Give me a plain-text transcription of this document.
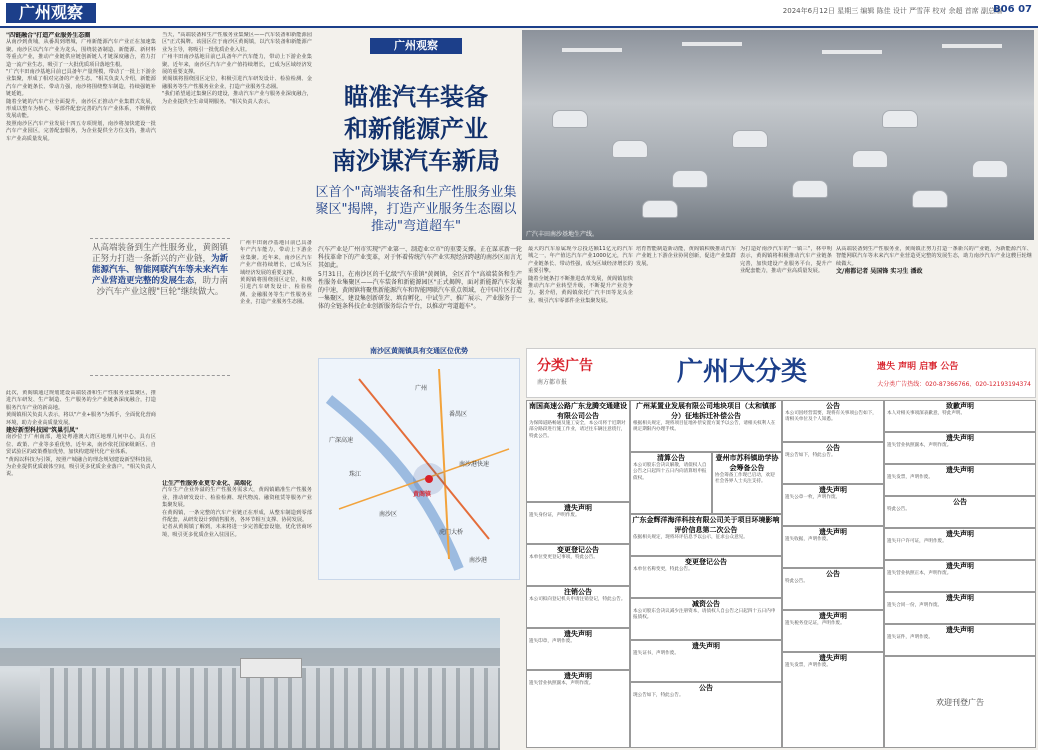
广州观察	2024年6月12日 星期三 编辑 陈佳 设计 严雪萍 校对 余超 首席 副总编
B06 07
"四链融合"打造产业服务生态圈
从南沙到黄埔，从番禺到增城，广州新能源汽车产业正在加速集聚。南沙区以汽车产业为龙头，围绕装备制造、新能源、新材料等重点产业，推动产业链供应链创新链人才链深度融合，着力打造一流产业生态，吸引了一大批优质项目落地生根。
"广汽丰田南沙基地目前已具备年产量规模，带动了一批上下游企业集聚，形成了相对完备的产业生态。"相关负责人介绍，新能源汽车产业链条长、带动力强，南沙将围绕整车制造，持续强链补链延链。
随着全链的汽车产业全面提升，南沙区正推动产业集群式发展，形成以整车为核心、零部件配套完善的汽车产业体系，不断释放发展动能。
按照南沙区汽车产业发展十四五专项规划，南沙将加快建设一批汽车产业园区，完善配套服务，为企业提供全方位支持，推动汽车产业高质量发展。
此次，黄阁镇通过规划建设高端装备和生产性服务业集聚区，推进汽车研发、生产制造、生产服务的全产业链条深度融合，打造服务汽车产业的新高地。
黄阁镇相关负责人表示，将以"产业+服务"为抓手，全面优化营商环境，助力企业高质量发展。
建好新型科技园"筑巢引凤"
南沙位于广州南部，地处粤港澳大湾区地理几何中心，具有区位、政策、产业等多重优势。近年来，南沙依托国家级新区、自贸试验区的政策叠加优势，加快构建现代化产业体系。
"黄阁以科技为引领，按照产城融合的理念规划建设新型科技园，为企业提供优质载体空间，吸引更多优质企业落户。"相关负责人说。
当天，"高端装备和生产性服务业集聚区——汽车装备和新能源园区"正式揭牌。该园区位于南沙区黄阁镇，以汽车装备和新能源产业为主导，将吸引一批优质企业入驻。
广州丰田南沙基地目前已具备年产汽车能力，带动上下游企业集聚。近年来，南沙区汽车产业产值持续增长，已成为区域经济发展的重要支撑。
黄阁镇将围绕园区定位，积极引进汽车研发设计、检验检测、金融服务等生产性服务业企业，打造产业服务生态圈。
"我们希望通过集聚区的建设，推动汽车产业与服务业深度融合，为企业提供全生命周期服务。"相关负责人表示。
从高端装备到生产性服务业，黄阁镇正努力打造一条新兴的产业链，为新能源汽车、智能网联汽车等未来汽车产业营造更完整的发展生态，助力南沙汽车产业这艘"巨轮"继续做大。
广州丰田南沙基地目前已具备年产汽车能力，带动上下游企业集聚。近年来，南沙区汽车产业产值持续增长，已成为区域经济发展的重要支撑。
黄阁镇将围绕园区定位，积极引进汽车研发设计、检验检测、金融服务等生产性服务业企业，打造产业服务生态圈。
广州观察
瞄准汽车装备
和新能源产业
南沙谋汽车新局
区首个"高端装备和生产性服务业集聚区"揭牌，打造产业服务生态圈以推动"弯道超车"
广汽丰田南沙基地生产线。
汽车产业是广州市实现"产业第一、制造业立市"的重要支撑。正在谋求新一轮科技革命下的产业变革，对于怀着传统汽车产业实现经济跨越的南沙区而言尤其如此。
5月31日，在南沙区的千亿级"汽车重镇"黄阁镇，全区首个"高端装备和生产性服务业集聚区——汽车装备和新能源园区"正式揭牌，面对新能源汽车发展的中速，黄阁镇将聚焦新能源汽车和智能网联汽车重点领域，在中国片区打造一集聚区，建设集创新研发、填育孵化、中试生产、推广展示、产业服务于一体的全链条科技企业创新服务综合平台，以推动"弯道超车"。
最大的汽车原属现今总投达额11亿元的汽车城之一，年产值达汽车产业1000亿元，汽车产业链条长、带动性强，成为区域经济增长的重要引擎。
随着全链条打不断推进改革发展，黄阁镇加快推动汽车产业转型升级，不断提升产业竞争力。据介绍，黄阁镇依托广汽丰田等龙头企业，吸引汽车零部件企业集聚发展。
培育智能制造新动能，黄阁镇积极推动汽车产业链上下游企业协同创新，促进产业集群发展。
为打造好南沙汽车的"一镇三"，林中明表示，黄阁镇将积极推动汽车产业链条完善，加快建设产业服务平台，提升产业配套能力，推动产业高质量发展。
从高端装备到生产性服务业，黄阁镇正努力打造一条新兴的产业链，为新能源汽车、智能网联汽车等未来汽车产业营造更完整的发展生态，助力南沙汽车产业这艘巨轮继续做大。
文/南都记者 吴国锋 实习生 潘政
南沙区黄阁镇具有交通区位优势
广州
番禺区
南沙区
黄阁镇
广深高速
南沙港快速
虎门大桥
珠江
南沙港
让生产性服务业更专业化、高端化
汽车生产企业外溢的生产性服务需求大，黄阁镇瞄准生产性服务业，推动研发设计、检验检测、现代物流、融资租赁等服务产业集聚发展。
在黄阁镇，一条完整的汽车产业链正在形成，从整车制造到零部件配套，从研发设计到销售服务，各环节相互支撑、协同发展。
记者从黄阁镇了解到，未来将进一步完善配套设施，优化营商环境，吸引更多优质企业入驻园区。
分类广告
南方都市报	广州大分类	遗失 声明 启事 公告
大分类广告热线：020-87366766、020-12193194374
南国高速公路广东龙腾交通建设有限公司公告
为保障道路畅通及施工安全，本公司将于近期对部分路段进行施工作业，请过往车辆注意绕行，特此公告。
广州某置业发展有限公司地块项目（太和镇部分）征地拆迁补偿公告
根据相关规定，现将项目征地补偿安置方案予以公告，请相关权利人在规定期限内办理手续。
公告
本公司因经营需要，现将有关事项公告如下，请相关单位及个人知悉。
致歉声明
本人对相关事项深表歉意，特此声明。
遗失声明
遗失营业执照副本，声明作废。
公告
现公告如下，特此公告。
清算公告
本公司股东会决议解散，请债权人自公告之日起四十五日内向清算组申报债权。
壹州市苏科镇助学协会筹备公告
协会筹备工作现已启动，欢迎社会各界人士关注支持。
遗失声明
遗失发票，声明作废。
遗失声明
遗失公章一枚，声明作废。
公告
特此公告。
遗失声明
遗失身份证，声明作废。
广东金辉洋海洋科技有限公司关于项目环境影响评价信息第二次公告
依据相关规定，现将环评信息予以公示，征求公众意见。
遗失声明
遗失收据，声明作废。
遗失声明
遗失开户许可证，声明作废。
变更登记公告
本单位变更登记事项，特此公告。
变更登记公告
本单位名称变更，特此公告。
公告
特此公告。
遗失声明
遗失营业执照正本，声明作废。
注销公告
本公司拟向登记机关申请注销登记，特此公告。
减资公告
本公司股东会决议减少注册资本，请债权人自公告之日起四十五日内申报债权。	遗失声明
遗失税务登记证，声明作废。
遗失声明
遗失合同一份，声明作废。
遗失声明
遗失印章，声明作废。
遗失声明
遗失证书，声明作废。
遗失声明
遗失证件，声明作废。
遗失声明
遗失营业执照副本，声明作废。
公告
现公告如下，特此公告。
遗失声明
遗失发票，声明作废。
欢迎刊登广告
